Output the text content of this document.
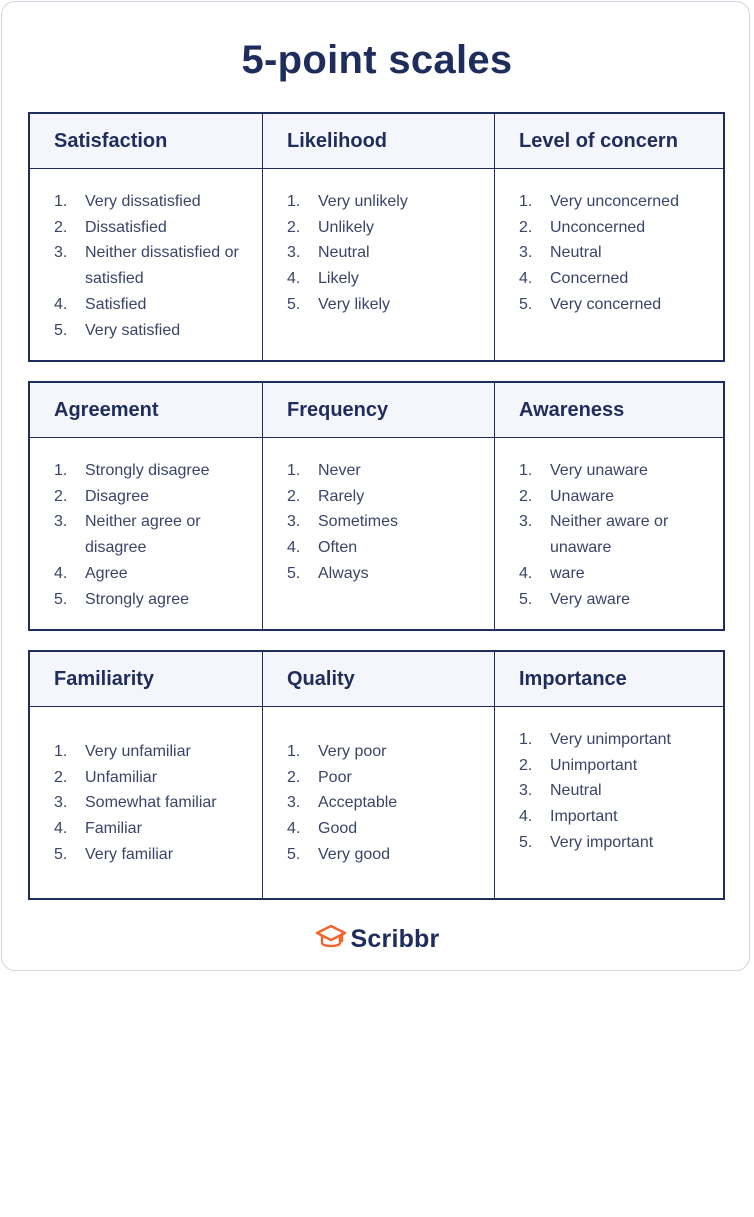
5-point scales
Satisfaction
1.	Very dissatisfied
2.	Dissatisfied
3.	Neither dissatisfied or satisfied
4.	Satisfied
5.	Very satisfied
Likelihood
1.	Very unlikely
2.	Unlikely
3.	Neutral
4.	Likely
5.	Very likely
Level of concern
1.	Very unconcerned
2.	Unconcerned
3.	Neutral
4.	Concerned
5.	Very concerned
Agreement
1.	Strongly disagree
2.	Disagree
3.	Neither agree or disagree
4.	Agree
5.	Strongly agree
Frequency
1.	Never
2.	Rarely
3.	Sometimes
4.	Often
5.	Always
Awareness
1.	Very unaware
2.	Unaware
3.	Neither aware or unaware
4.	ware
5.	Very aware
Familiarity
1.	Very unfamiliar
2.	Unfamiliar
3.	Somewhat familiar
4.	Familiar
5.	Very familiar
Quality
1.	Very poor
2.	Poor
3.	Acceptable
4.	Good
5.	Very good
Importance
1.	Very unimportant
2.	Unimportant
3.	Neutral
4.	Important
5.	Very important
Scribbr
